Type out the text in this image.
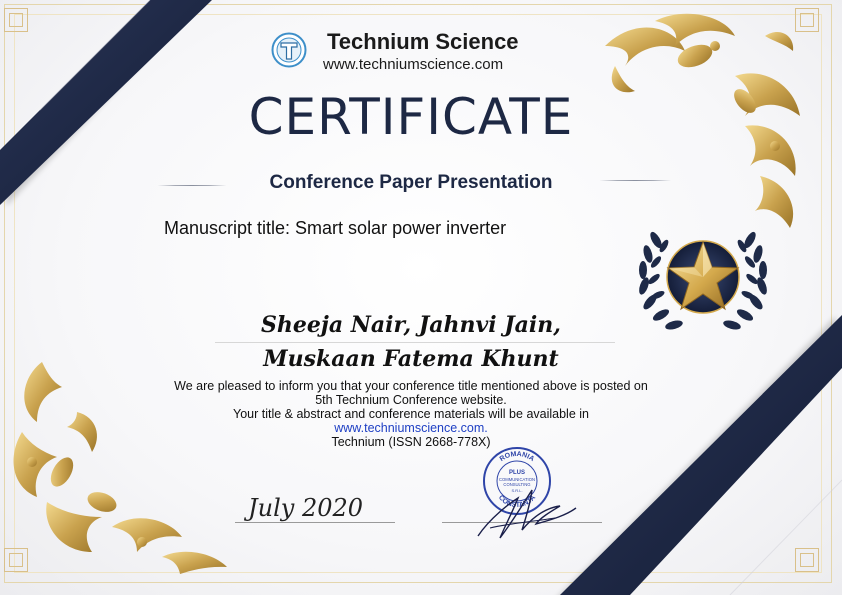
Technium Science
www.techniumscience.com
CERTIFICATE
Conference Paper Presentation
Manuscript title: Smart solar power inverter
Sheeja Nair, Jahnvi Jain,
Muskaan Fatema Khunt
We are pleased to inform you that your conference title mentioned above is posted on
5th Technium Conference website.
Your title & abstract and conference materials will be available in
www.techniumscience.com.
Technium (ISSN 2668-778X)
July 2020
ROMANIA
CONSTANTA
PLUS
COMMUNICATION
CONSULTING
S.R.L.
